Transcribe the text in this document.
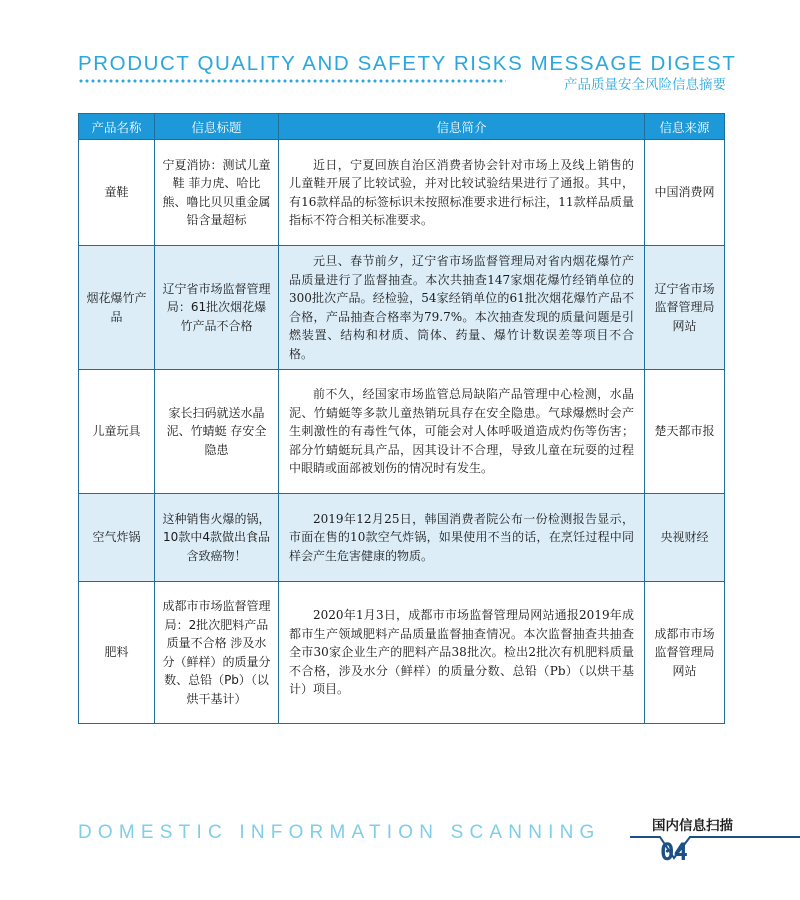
PRODUCT QUALITY AND SAFETY RISKS MESSAGE DIGEST
产品质量安全风险信息摘要
产品名称	信息标题	信息简介	信息来源
童鞋	宁夏消协：测试儿童鞋 菲力虎、哈比熊、噜比贝贝重金属铅含量超标	近日，宁夏回族自治区消费者协会针对市场上及线上销售的儿童鞋开展了比较试验，并对比较试验结果进行了通报。其中，有16款样品的标签标识未按照标准要求进行标注，11款样品质量指标不符合相关标准要求。	中国消费网
烟花爆竹产品	辽宁省市场监督管理局：61批次烟花爆竹产品不合格	元旦、春节前夕，辽宁省市场监督管理局对省内烟花爆竹产品质量进行了监督抽查。本次共抽查147家烟花爆竹经销单位的300批次产品。经检验，54家经销单位的61批次烟花爆竹产品不合格，产品抽查合格率为79.7%。本次抽查发现的质量问题是引燃装置、结构和材质、筒体、药量、爆竹计数误差等项目不合格。	辽宁省市场监督管理局网站
儿童玩具	家长扫码就送水晶泥、竹蜻蜓 存安全隐患	前不久，经国家市场监管总局缺陷产品管理中心检测，水晶泥、竹蜻蜓等多款儿童热销玩具存在安全隐患。气球爆燃时会产生刺激性的有毒性气体，可能会对人体呼吸道造成灼伤等伤害；部分竹蜻蜓玩具产品，因其设计不合理，导致儿童在玩耍的过程中眼睛或面部被划伤的情况时有发生。	楚天都市报
空气炸锅	这种销售火爆的锅，10款中4款做出食品含致癌物！	2019年12月25日，韩国消费者院公布一份检测报告显示，市面在售的10款空气炸锅，如果使用不当的话，在烹饪过程中同样会产生危害健康的物质。	央视财经
肥料	成都市市场监督管理局：2批次肥料产品质量不合格 涉及水分（鲜样）的质量分数、总铅（Pb）（以烘干基计）	2020年1月3日，成都市市场监督管理局网站通报2019年成都市生产领域肥料产品质量监督抽查情况。本次监督抽查共抽查全市30家企业生产的肥料产品38批次。检出2批次有机肥料质量不合格，涉及水分（鲜样）的质量分数、总铅（Pb）（以烘干基计）项目。	成都市市场监督管理局网站
DOMESTIC INFORMATION SCANNING	国内信息扫描
04
